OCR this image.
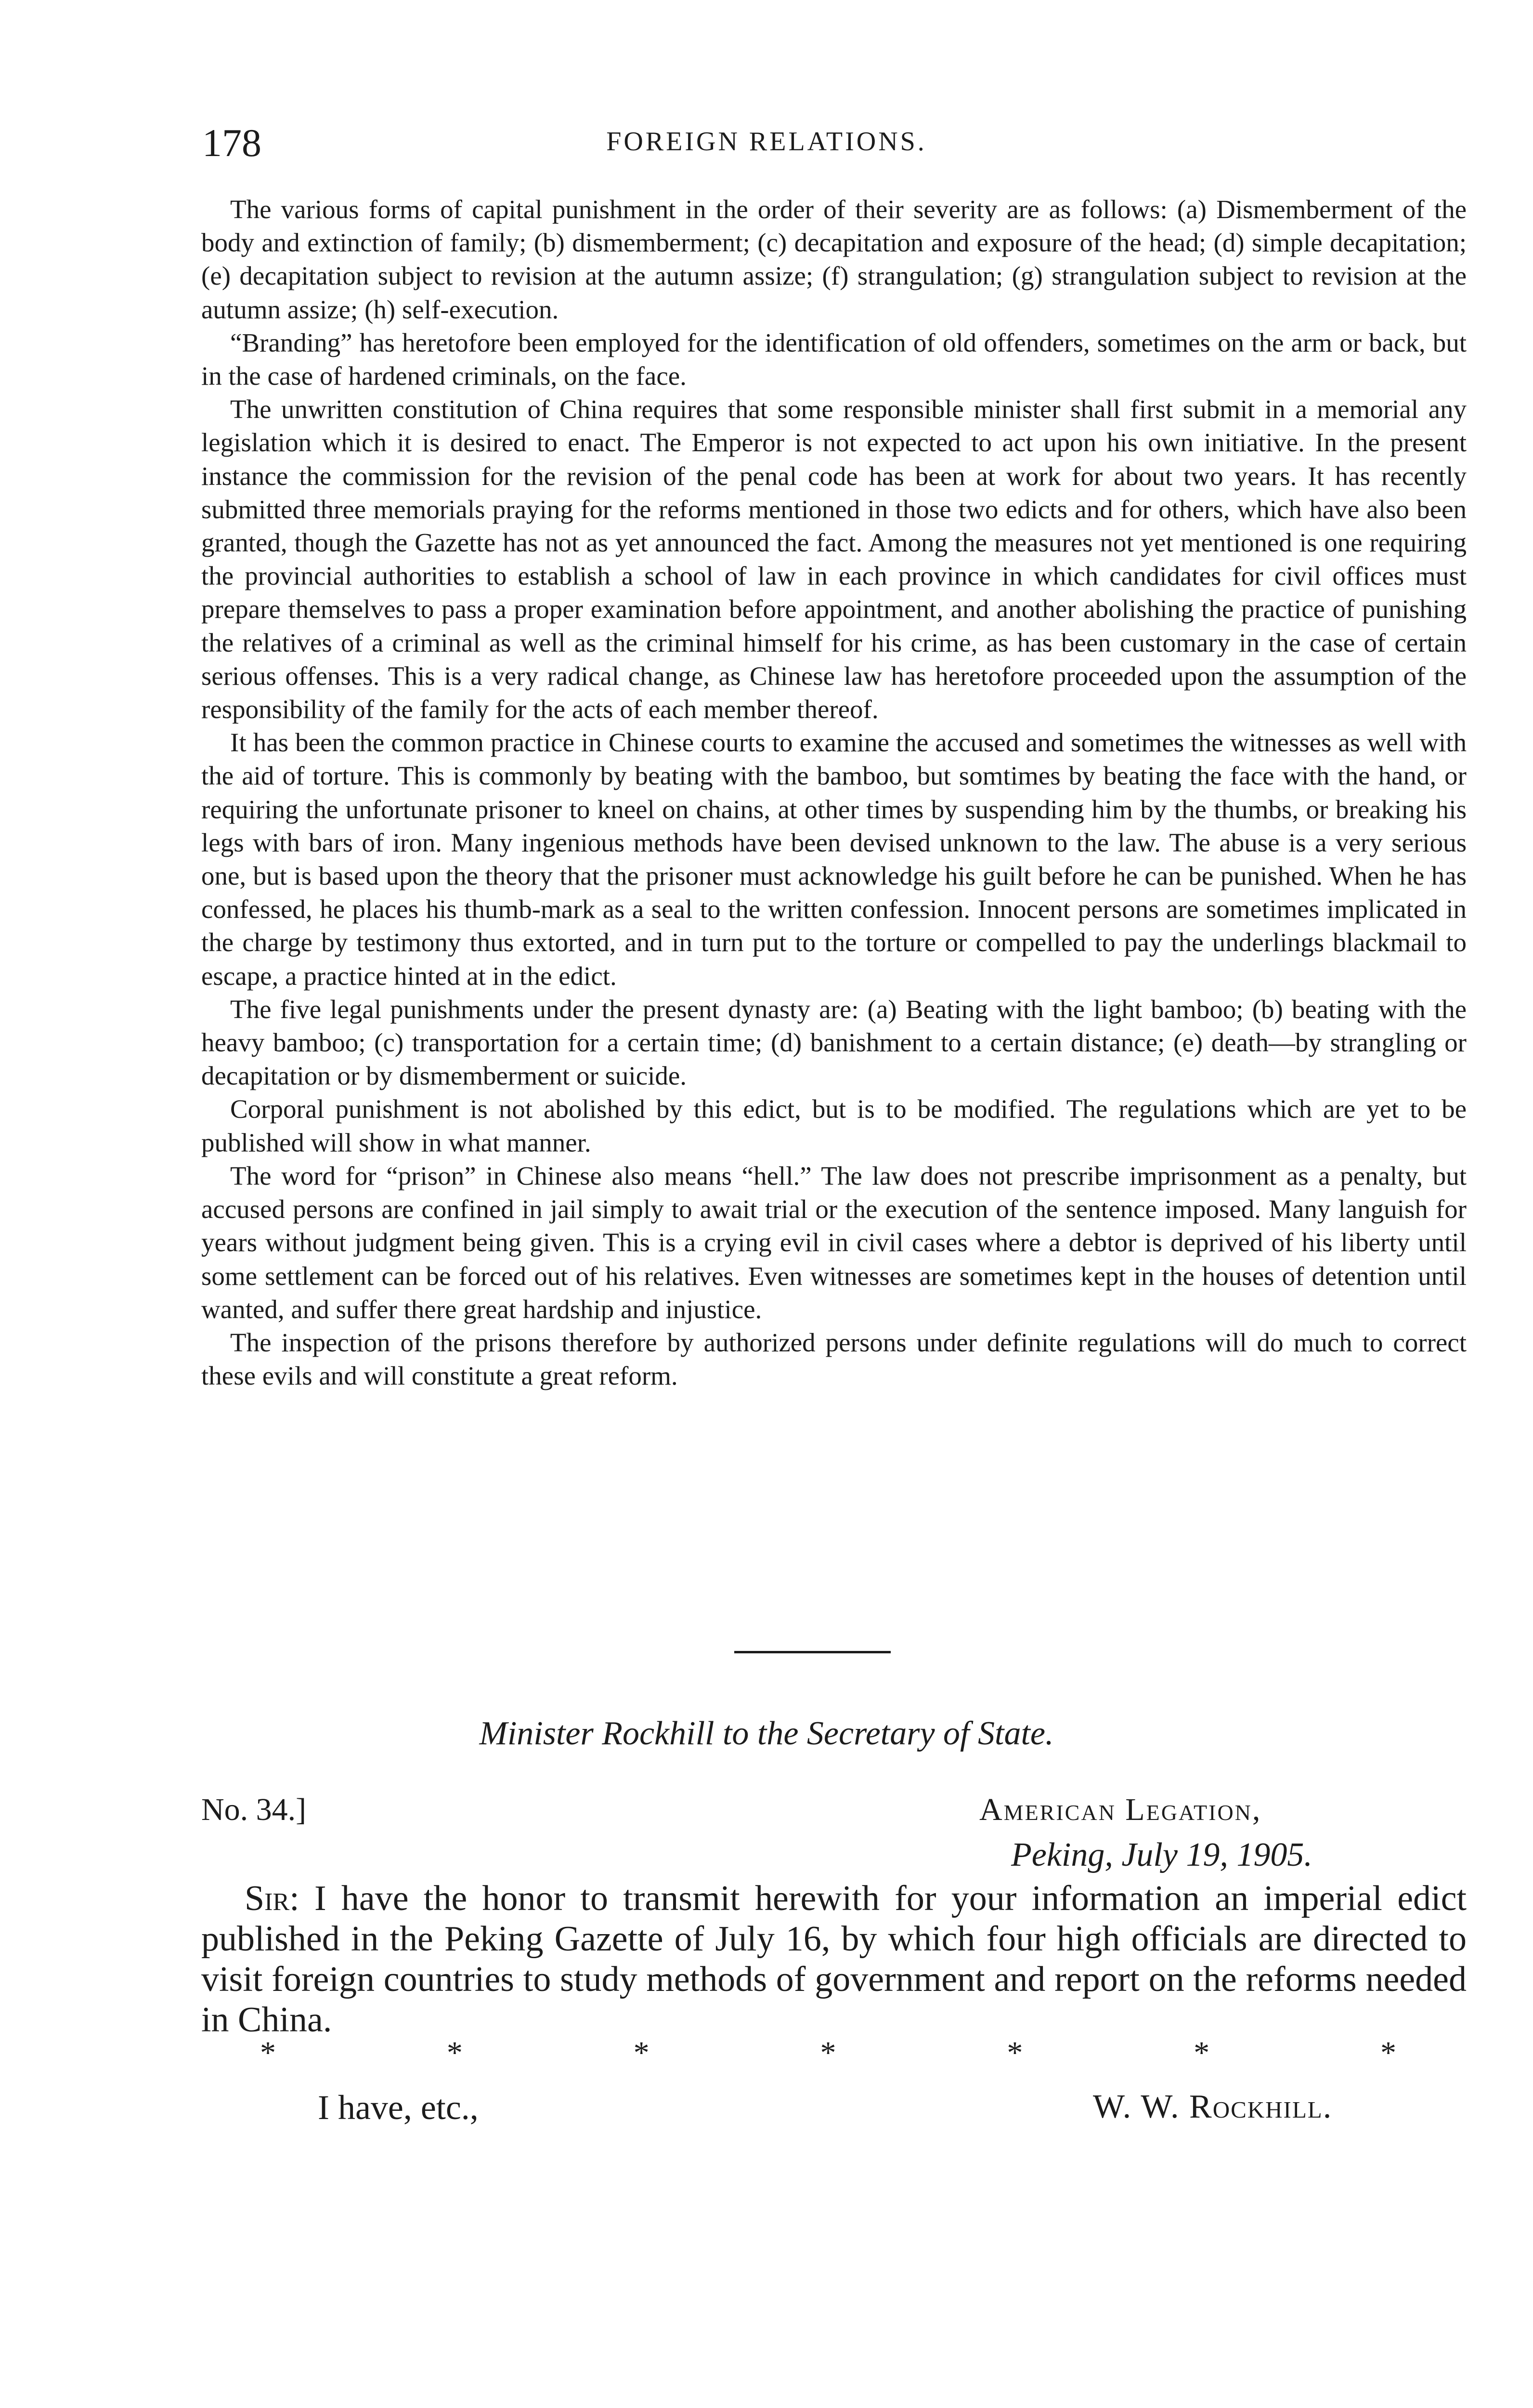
178	FOREIGN RELATIONS.

The various forms of capital punishment in the order of their severity are as follows: (a) Dismemberment of the body and extinction of family; (b) dismemberment; (c) decapitation and exposure of the head; (d) simple decapitation; (e) decapitation subject to revision at the autumn assize; (f) strangulation; (g) strangulation subject to revision at the autumn assize; (h) self-execution.

“Branding” has heretofore been employed for the identification of old offenders, sometimes on the arm or back, but in the case of hardened criminals, on the face.

The unwritten constitution of China requires that some responsible minister shall first submit in a memorial any legislation which it is desired to enact. The Emperor is not expected to act upon his own initiative. In the present instance the commission for the revision of the penal code has been at work for about two years. It has recently submitted three memorials praying for the reforms mentioned in those two edicts and for others, which have also been granted, though the Gazette has not as yet announced the fact. Among the measures not yet mentioned is one requiring the provincial authorities to establish a school of law in each province in which candidates for civil offices must prepare themselves to pass a proper examination before appointment, and another abolishing the practice of punishing the relatives of a criminal as well as the criminal himself for his crime, as has been customary in the case of certain serious offenses. This is a very radical change, as Chinese law has heretofore proceeded upon the assumption of the responsibility of the family for the acts of each member thereof.

It has been the common practice in Chinese courts to examine the accused and sometimes the witnesses as well with the aid of torture. This is commonly by beating with the bamboo, but somtimes by beating the face with the hand, or requiring the unfortunate prisoner to kneel on chains, at other times by suspending him by the thumbs, or breaking his legs with bars of iron. Many ingenious methods have been devised unknown to the law. The abuse is a very serious one, but is based upon the theory that the prisoner must acknowledge his guilt before he can be punished. When he has confessed, he places his thumb-mark as a seal to the written confession. Innocent persons are sometimes implicated in the charge by testimony thus extorted, and in turn put to the torture or compelled to pay the underlings blackmail to escape, a practice hinted at in the edict.

The five legal punishments under the present dynasty are: (a) Beating with the light bamboo; (b) beating with the heavy bamboo; (c) transportation for a certain time; (d) banishment to a certain distance; (e) death—by strangling or decapitation or by dismemberment or suicide.

Corporal punishment is not abolished by this edict, but is to be modified. The regulations which are yet to be published will show in what manner.

The word for “prison” in Chinese also means “hell.” The law does not prescribe imprisonment as a penalty, but accused persons are confined in jail simply to await trial or the execution of the sentence imposed. Many languish for years without judgment being given. This is a crying evil in civil cases where a debtor is deprived of his liberty until some settlement can be forced out of his relatives. Even witnesses are sometimes kept in the houses of detention until wanted, and suffer there great hardship and injustice.

The inspection of the prisons therefore by authorized persons under definite regulations will do much to correct these evils and will constitute a great reform.

Minister Rockhill to the Secretary of State.
No. 34.]	American Legation,
Peking, July 19, 1905.

Sir: I have the honor to transmit herewith for your information an imperial edict published in the Peking Gazette of July 16, by which four high officials are directed to visit foreign countries to study methods of government and report on the reforms needed in China.

*	*	*	*	*	*	*
I have, etc.,	W. W. Rockhill.
